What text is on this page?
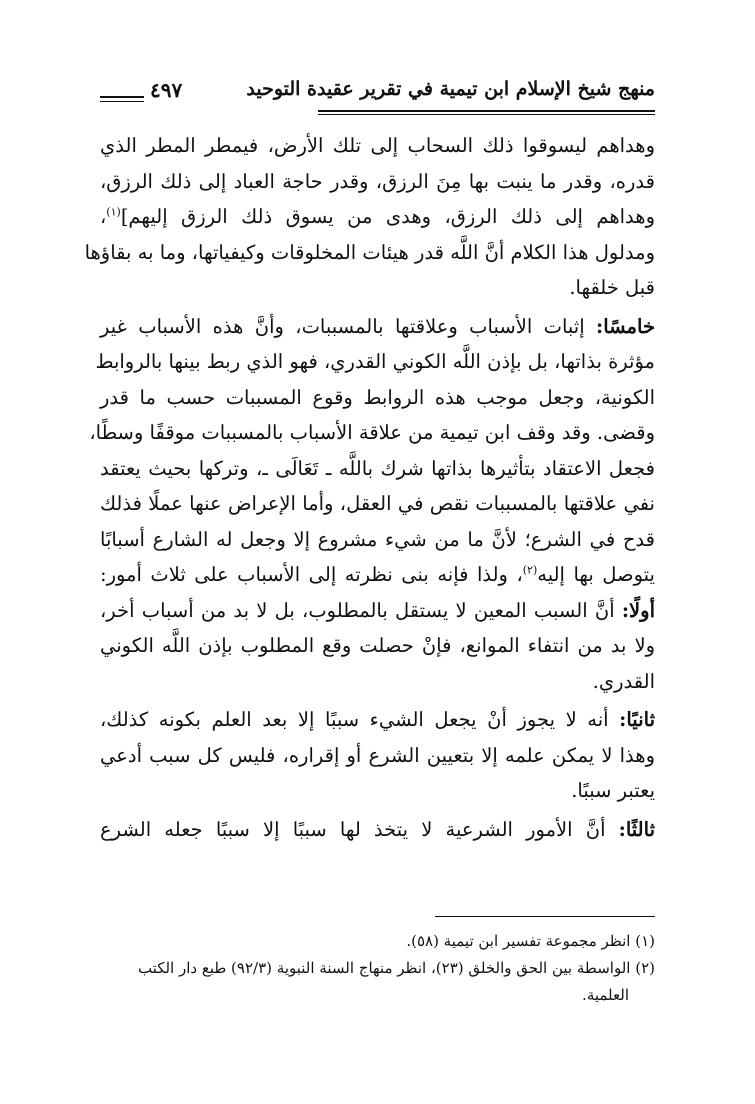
منهج شيخ الإسلام ابن تيمية في تقرير عقيدة التوحيد
٤٩٧
وهداهم ليسوقوا ذلك السحاب إلى تلك الأرض، فيمطر المطر الذي
قدره، وقدر ما ينبت بها مِنَ الرزق، وقدر حاجة العباد إلى ذلك الرزق،
وهداهم إلى ذلك الرزق، وهدى من يسوق ذلك الرزق إليهم]$^{(١)}$،
ومدلول هذا الكلام أنَّ اللَّه قدر هيئات المخلوقات وكيفياتها، وما به بقاؤها
قبل خلقها.
خامسًا: إثبات الأسباب وعلاقتها بالمسببات، وأنَّ هذه الأسباب غير
مؤثرة بذاتها، بل بإذن اللَّه الكوني القدري، فهو الذي ربط بينها بالروابط
الكونية، وجعل موجب هذه الروابط وقوع المسببات حسب ما قدر
وقضى. وقد وقف ابن تيمية من علاقة الأسباب بالمسببات موقفًا وسطًا،
فجعل الاعتقاد بتأثيرها بذاتها شرك باللَّه ـ تَعَالَى ـ، وتركها بحيث يعتقد
نفي علاقتها بالمسببات نقص في العقل، وأما الإعراض عنها عملًا فذلك
قدح في الشرع؛ لأنَّ ما من شيء مشروع إلا وجعل له الشارع أسبابًا
يتوصل بها إليه$^{(٢)}$، ولذا فإنه بنى نظرته إلى الأسباب على ثلاث أمور:
أولًا: أنَّ السبب المعين لا يستقل بالمطلوب، بل لا بد من أسباب أخر،
ولا بد من انتفاء الموانع، فإنْ حصلت وقع المطلوب بإذن اللَّه الكوني
القدري.
ثانيًا: أنه لا يجوز أنْ يجعل الشيء سببًا إلا بعد العلم بكونه كذلك،
وهذا لا يمكن علمه إلا بتعيين الشرع أو إقراره، فليس كل سبب أدعي
يعتبر سببًا.
ثالثًا: أنَّ الأمور الشرعية لا يتخذ لها سببًا إلا سببًا جعله الشرع
(١) انظر مجموعة تفسير ابن تيمية (٥٨).
(٢) الواسطة بين الحق والخلق (٢٣)، انظر منهاج السنة النبوية (٩٢/٣) طبع دار الكتب
العلمية.
